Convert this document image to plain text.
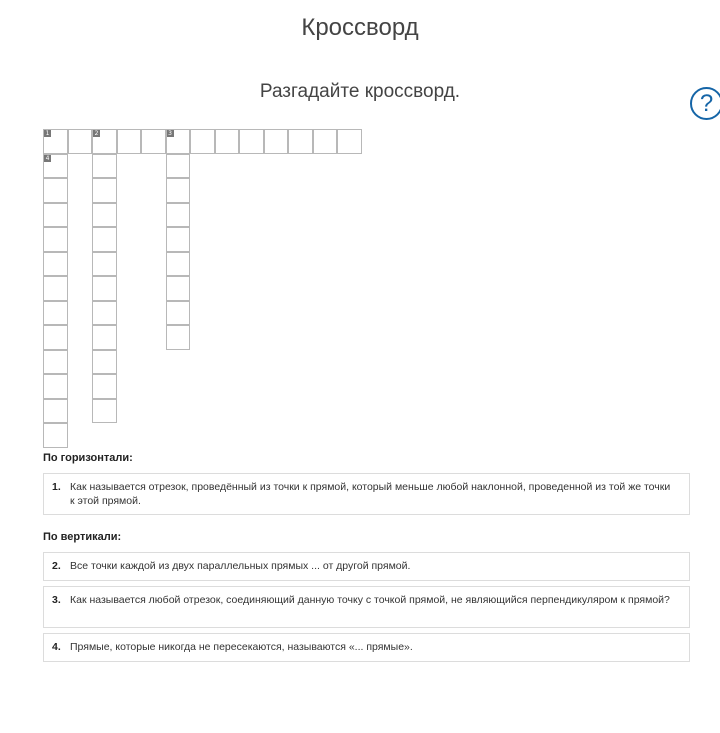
Кроссворд
Разгадайте кроссворд.	?
1	2	3
4
По горизонтали:
1. Как называется отрезок, проведённый из точки к прямой, который меньше любой наклонной, проведенной из той же точки к этой прямой.
По вертикали:
2. Все точки каждой из двух параллельных прямых ... от другой прямой.
3. Как называется любой отрезок, соединяющий данную точку с точкой прямой, не являющийся перпендикуляром к прямой?
4. Прямые, которые никогда не пересекаются, называются «... прямые».
